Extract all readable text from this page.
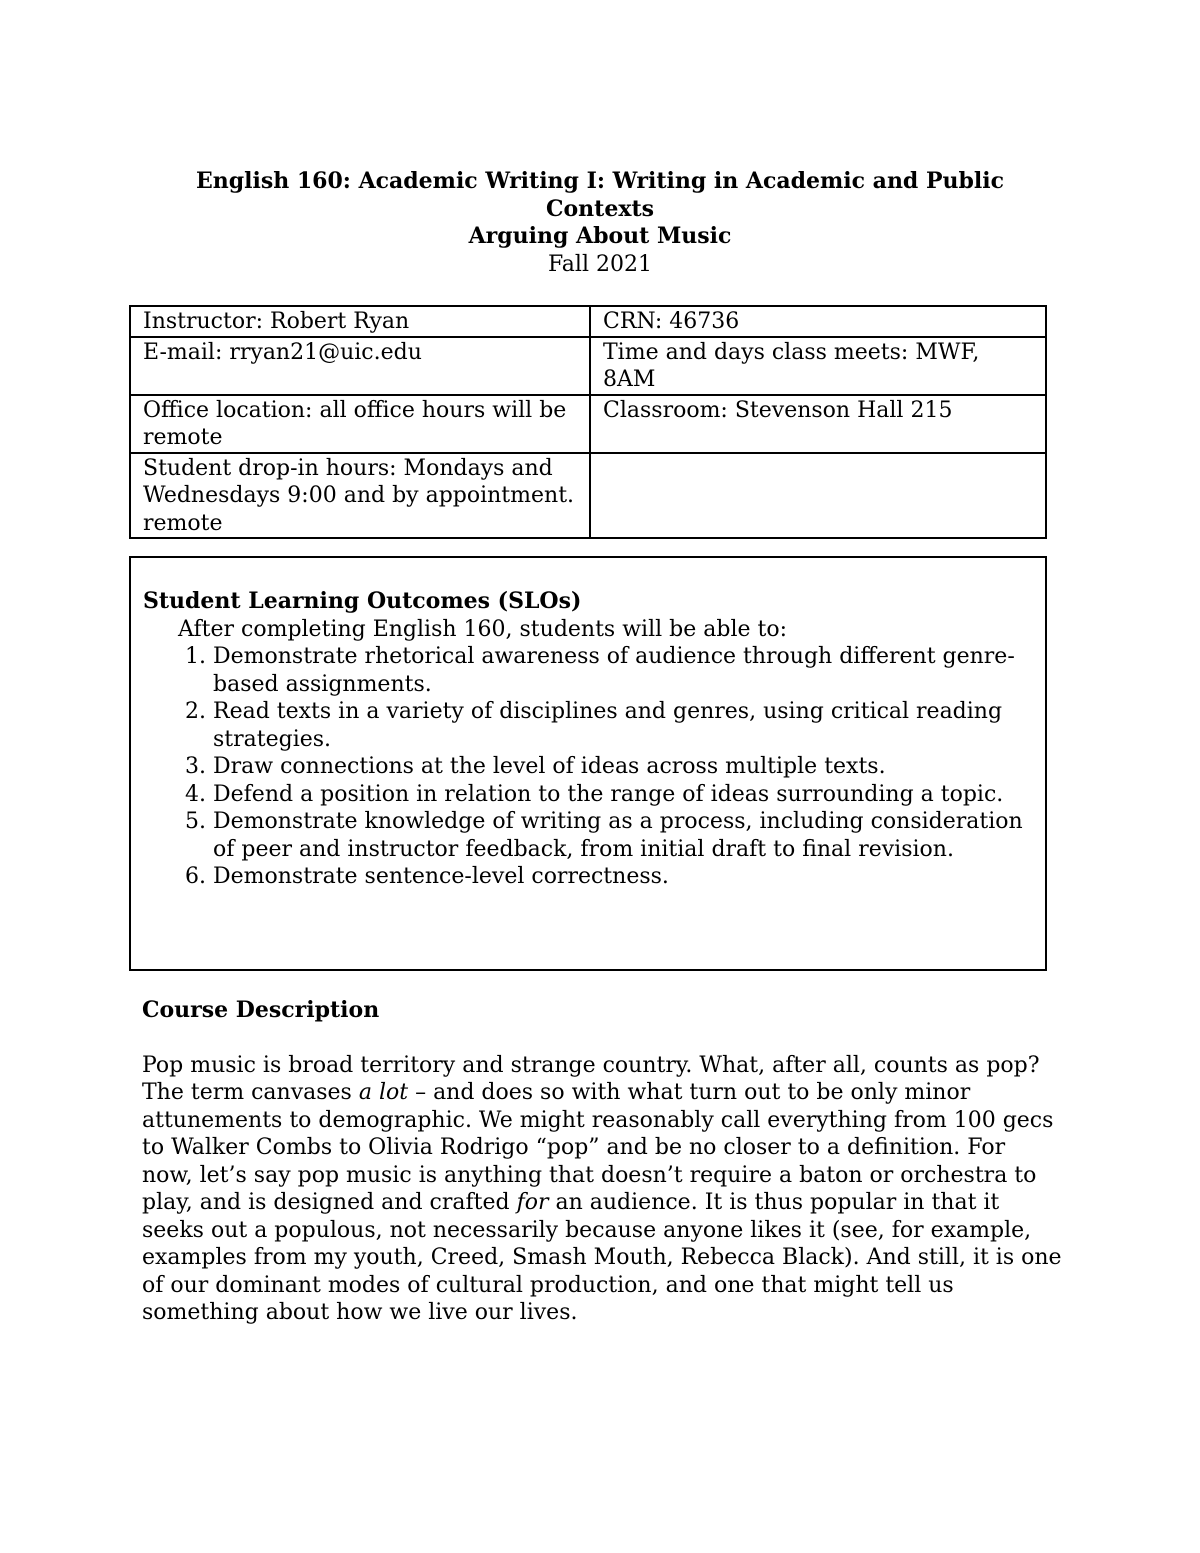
English 160: Academic Writing I: Writing in Academic and Public
Contexts

Arguing About Music

Fall 2021

Instructor: Robert Ryan	CRN: 46736
E-mail: rryan21@uic.edu	Time and days class meets: MWF, 8AM
Office location: all office hours will be remote	Classroom: Stevenson Hall 215
Student drop-in hours: Mondays and Wednesdays 9:00 and by appointment. remote	

Student Learning Outcomes (SLOs)

After completing English 160, students will be able to:

1. Demonstrate rhetorical awareness of audience through different genre-based assignments.
2. Read texts in a variety of disciplines and genres, using critical reading strategies.
3. Draw connections at the level of ideas across multiple texts.
4. Defend a position in relation to the range of ideas surrounding a topic.
5. Demonstrate knowledge of writing as a process, including consideration of peer and instructor feedback, from initial draft to final revision.
6. Demonstrate sentence-level correctness.

Course Description

Pop music is broad territory and strange country. What, after all, counts as pop? The term canvases a lot – and does so with what turn out to be only minor attunements to demographic. We might reasonably call everything from 100 gecs to Walker Combs to Olivia Rodrigo “pop” and be no closer to a definition. For now, let’s say pop music is anything that doesn’t require a baton or orchestra to play, and is designed and crafted for an audience. It is thus popular in that it seeks out a populous, not necessarily because anyone likes it (see, for example, examples from my youth, Creed, Smash Mouth, Rebecca Black). And still, it is one of our dominant modes of cultural production, and one that might tell us something about how we live our lives.
